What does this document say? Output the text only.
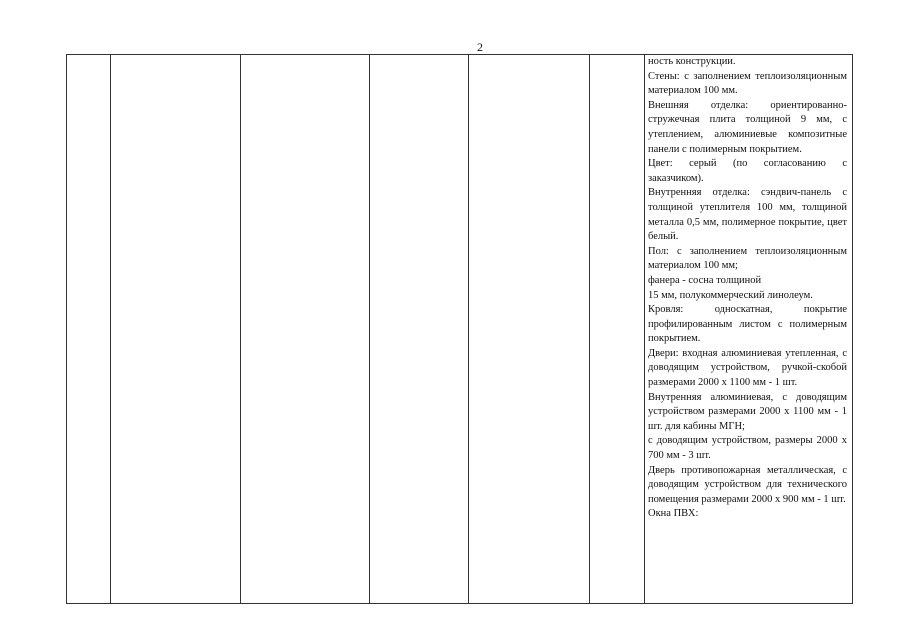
2

ность конструкции.

Стены: с заполнением теплоизоляционным материалом 100 мм.

Внешняя отделка: ориентированно-стружечная плита толщиной 9 мм, с утеплением, алюминиевые композитные панели с полимерным покрытием.

Цвет: серый (по согласованию с заказчиком).

Внутренняя отделка: сэндвич-панель с толщиной утеплителя 100 мм, толщиной металла 0,5 мм, полимерное покрытие, цвет белый.

Пол: с заполнением теплоизоляционным материалом 100 мм;

фанера - сосна толщиной

15 мм, полукоммерческий линолеум.

Кровля: односкатная, покрытие профилированным листом с полимерным покрытием.

Двери: входная алюминиевая утепленная, с доводящим устройством, ручкой-скобой размерами 2000 х 1100 мм - 1 шт.

Внутренняя алюминиевая, с доводящим устройством размерами 2000 х 1100 мм - 1 шт. для кабины МГН;

с доводящим устройством, размеры 2000 х 700 мм - 3 шт.

Дверь противопожарная металлическая, с доводящим устройством для технического помещения размерами 2000 х 900 мм - 1 шт.

Окна ПВХ:
